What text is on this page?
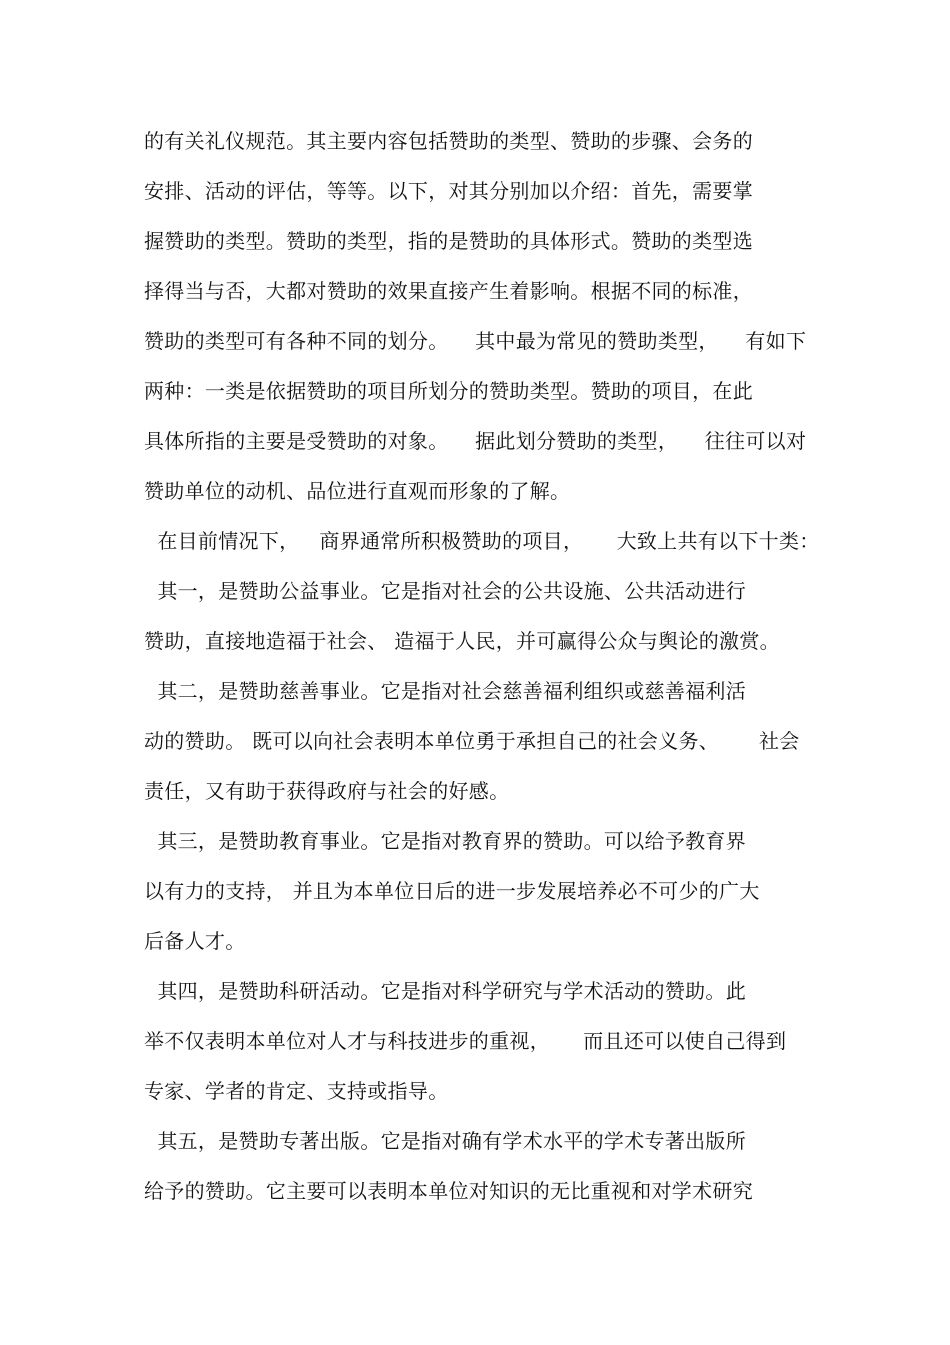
的有关礼仪规范。其主要内容包括赞助的类型、赞助的步骤、会务的
安排、活动的评估，等等。以下，对其分别加以介绍：首先，需要掌
握赞助的类型。赞助的类型，指的是赞助的具体形式。赞助的类型选
择得当与否，大都对赞助的效果直接产生着影响。根据不同的标准，
赞助的类型可有各种不同的划分。    其中最为常见的赞助类型，    有如下
两种：一类是依据赞助的项目所划分的赞助类型。赞助的项目，在此
具体所指的主要是受赞助的对象。    据此划分赞助的类型，    往往可以对
赞助单位的动机、品位进行直观而形象的了解。
在目前情况下，   商界通常所积极赞助的项目，     大致上共有以下十类：
其一，是赞助公益事业。它是指对社会的公共设施、公共活动进行
赞助，直接地造福于社会、 造福于人民，并可赢得公众与舆论的激赏。
其二，是赞助慈善事业。它是指对社会慈善福利组织或慈善福利活
动的赞助。 既可以向社会表明本单位勇于承担自己的社会义务、      社会
责任，又有助于获得政府与社会的好感。
其三，是赞助教育事业。它是指对教育界的赞助。可以给予教育界
以有力的支持， 并且为本单位日后的进一步发展培养必不可少的广大
后备人才。
其四，是赞助科研活动。它是指对科学研究与学术活动的赞助。此
举不仅表明本单位对人才与科技进步的重视，     而且还可以使自己得到
专家、学者的肯定、支持或指导。
其五，是赞助专著出版。它是指对确有学术水平的学术专著出版所
给予的赞助。它主要可以表明本单位对知识的无比重视和对学术研究
